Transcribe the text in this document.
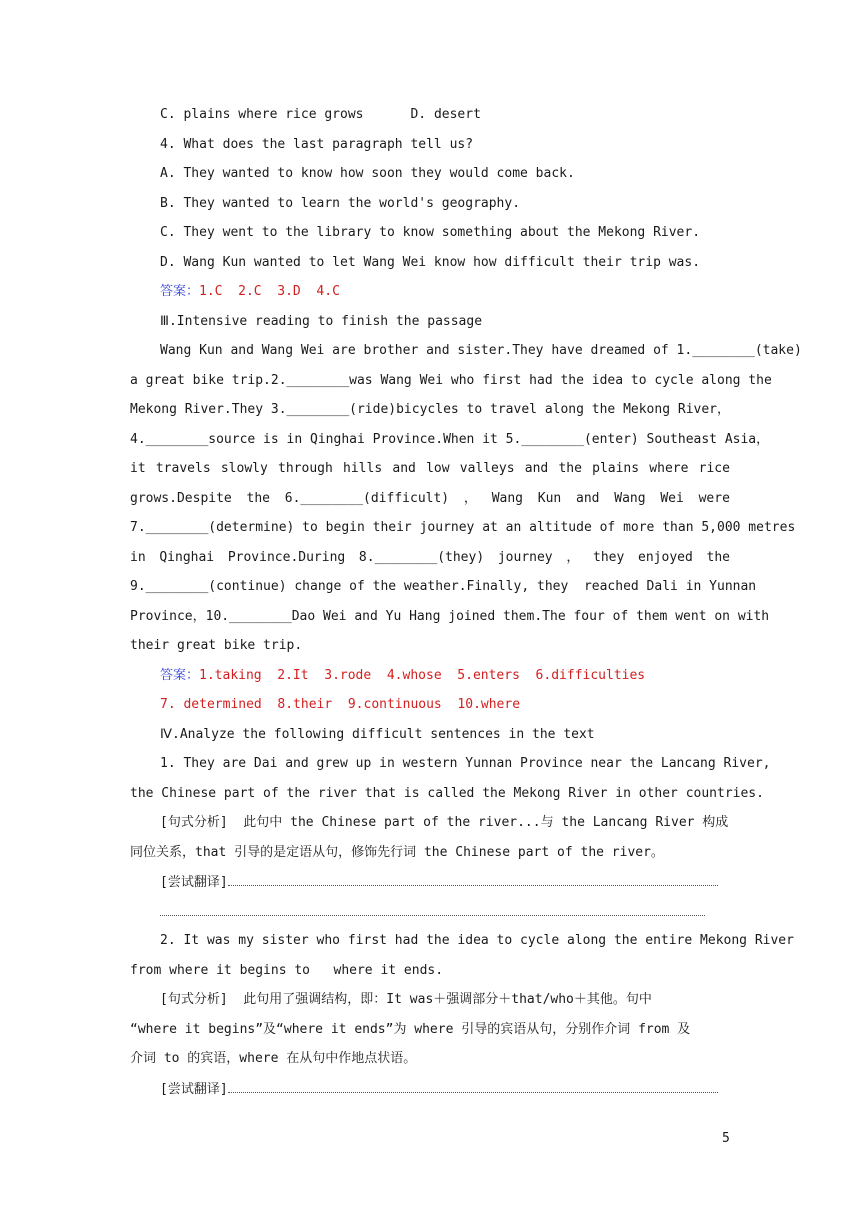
C. plains where rice grows	D. desert
4. What does the last paragraph tell us?
A. They wanted to know how soon they would come back.
B. They wanted to learn the world's geography.
C. They went to the library to know something about the Mekong River.
D. Wang Kun wanted to let Wang Wei know how difficult their trip was.
答案：1.C  2.C  3.D  4.C
Ⅲ.Intensive reading to finish the passage
Wang Kun and Wang Wei are brother and sister.They have dreamed of 1.________(take)
a great bike trip.2.________was Wang Wei who first had the idea to cycle along the
Mekong River.They 3.________(ride)bicycles to travel along the Mekong River，
4.________source is in Qinghai Province.When it 5.________(enter) Southeast Asia，
it travels slowly through hills and low valleys and the plains where rice
grows.Despite the 6.________(difficult) ， Wang Kun and Wang Wei were
7.________(determine) to begin their journey at an altitude of more than 5,000 metres
in Qinghai Province.During 8.________(they) journey ， they enjoyed the
9.________(continue) change of the weather.Finally, they  reached Dali in Yunnan
Province，10.________Dao Wei and Yu Hang joined them.The four of them went on with
their great bike trip.
答案：1.taking  2.It  3.rode  4.whose  5.enters  6.difficulties
7. determined  8.their  9.continuous  10.where
Ⅳ.Analyze the following difficult sentences in the text
1. They are Dai and grew up in western Yunnan Province near the Lancang River,
the Chinese part of the river that is called the Mekong River in other countries.
[句式分析]  此句中 the Chinese part of the river...与 the Lancang River 构成
同位关系，that 引导的是定语从句，修饰先行词 the Chinese part of the river。
[尝试翻译]
2. It was my sister who first had the idea to cycle along the entire Mekong River
from where it begins to   where it ends.
[句式分析]  此句用了强调结构，即：It was＋强调部分＋that/who＋其他。句中
“where it begins”及“where it ends”为 where 引导的宾语从句，分别作介词 from 及
介词 to 的宾语，where 在从句中作地点状语。
[尝试翻译]
5
